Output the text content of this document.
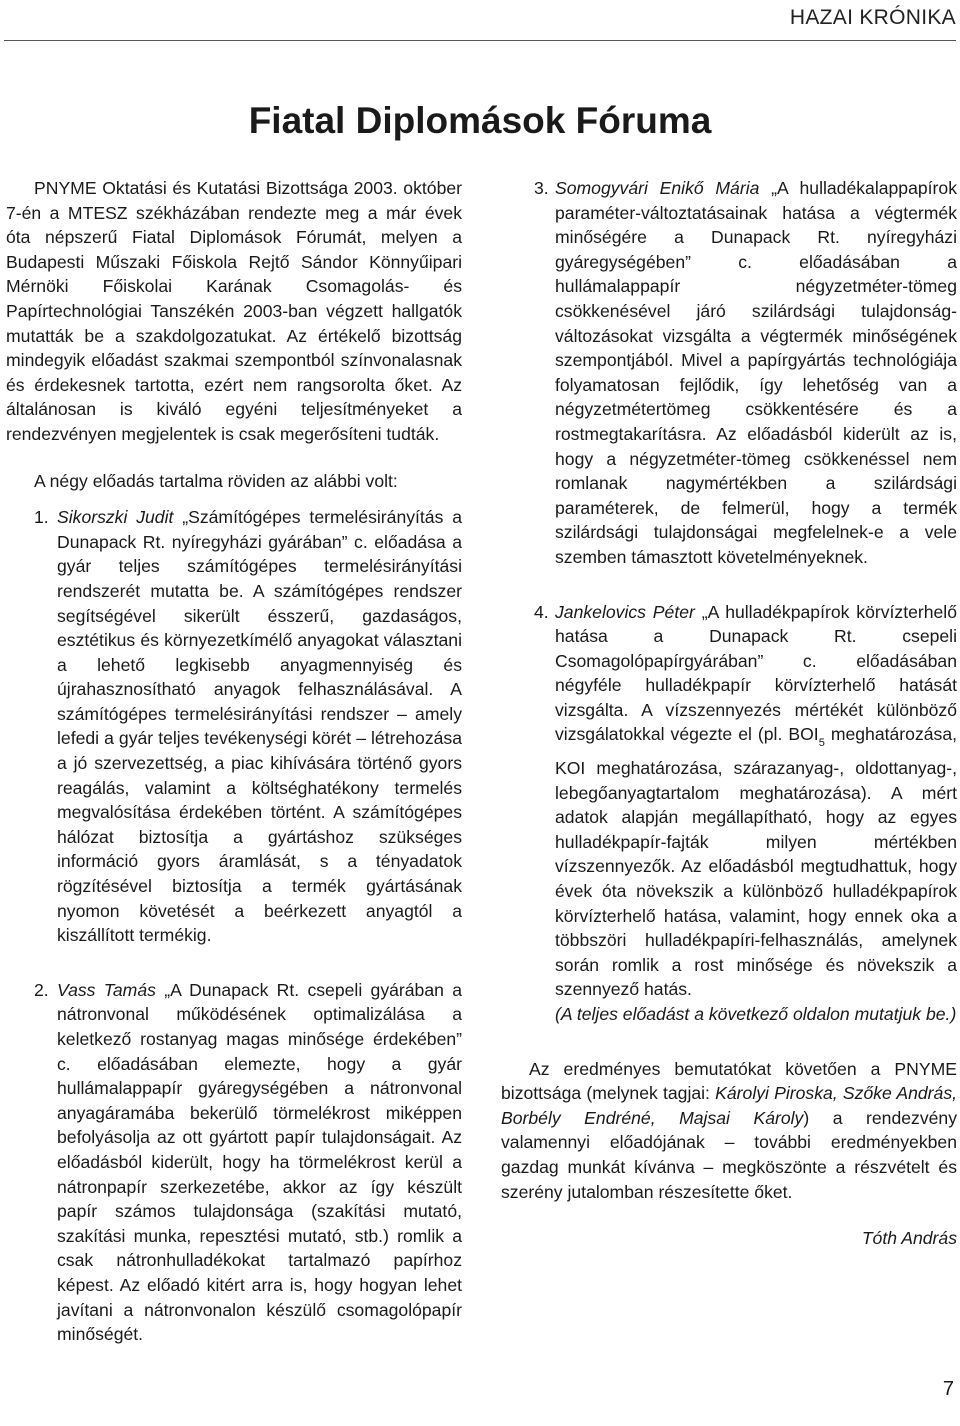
HAZAI KRÓNIKA
Fiatal Diplomások Fóruma

PNYME Oktatási és Kutatási Bizottsága 2003. október 7-én a MTESZ székházában rendezte meg a már évek óta népszerű Fiatal Diplomások Fórumát, melyen a Budapesti Műszaki Főiskola Rejtő Sándor Könnyűipari Mérnöki Főiskolai Karának Csomagolás- és Papírtechnológiai Tanszékén 2003-ban végzett hallgatók mutatták be a szakdolgozatukat. Az értékelő bizottság mindegyik előadást szakmai szempontból színvonalasnak és érdekesnek tartotta, ezért nem rangsorolta őket. Az általánosan is kiváló egyéni teljesítményeket a rendezvényen megjelentek is csak megerősíteni tudták.

A négy előadás tartalma röviden az alábbi volt:

1. Sikorszki Judit „Számítógépes termelésirányítás a Dunapack Rt. nyíregyházi gyárában” c. előadása a gyár teljes számítógépes termelésirányítási rendszerét mutatta be. A számítógépes rendszer segítségével sikerült ésszerű, gazdaságos, esztétikus és környezetkímélő anyagokat választani a lehető legkisebb anyagmennyiség és újrahasznosítható anyagok felhasználásával. A számítógépes termelésirányítási rendszer – amely lefedi a gyár teljes tevékenységi körét – létrehozása a jó szervezettség, a piac kihívására történő gyors reagálás, valamint a költséghatékony termelés megvalósítása érdekében történt. A számítógépes hálózat biztosítja a gyártáshoz szükséges információ gyors áramlását, s a tényadatok rögzítésével biztosítja a termék gyártásának nyomon követését a beérkezett anyagtól a kiszállított termékig.

2. Vass Tamás „A Dunapack Rt. csepeli gyárában a nátronvonal működésének optimalizálása a keletkező rostanyag magas minősége érdekében” c. előadásában elemezte, hogy a gyár hullámalappapír gyáregységében a nátronvonal anyagáramába bekerülő törmelékrost miképpen befolyásolja az ott gyártott papír tulajdonságait. Az előadásból kiderült, hogy ha törmelékrost kerül a nátronpapír szerkezetébe, akkor az így készült papír számos tulajdonsága (szakítási mutató, szakítási munka, repesztési mutató, stb.) romlik a csak nátronhulladékokat tartalmazó papírhoz képest. Az előadó kitért arra is, hogy hogyan lehet javítani a nátronvonalon készülő csomagolópapír minőségét.

3. Somogyvári Enikő Mária „A hulladékalappapírok paraméter-változtatásainak hatása a végtermék minőségére a Dunapack Rt. nyíregyházi gyáregységében” c. előadásában a hullámalappapír négyzetméter-tömeg csökkenésével járó szilárdsági tulajdonság-változásokat vizsgálta a végtermék minőségének szempontjából. Mivel a papírgyártás technológiája folyamatosan fejlődik, így lehetőség van a négyzetmétertömeg csökkentésére és a rostmegtakarításra. Az előadásból kiderült az is, hogy a négyzetméter-tömeg csökkenéssel nem romlanak nagymértékben a szilárdsági paraméterek, de felmerül, hogy a termék szilárdsági tulajdonságai megfelelnek-e a vele szemben támasztott követelményeknek.

4. Jankelovics Péter „A hulladékpapírok körvízterhelő hatása a Dunapack Rt. csepeli Csomagolópapírgyárában” c. előadásában négyféle hulladékpapír körvízterhelő hatását vizsgálta. A vízszennyezés mértékét különböző vizsgálatokkal végezte el (pl. $BOI_5$ meghatározása, KOI meghatározása, szárazanyag-, oldottanyag-, lebegőanyagtartalom meghatározása). A mért adatok alapján megállapítható, hogy az egyes hulladékpapír-fajták milyen mértékben vízszennyezők. Az előadásból megtudhattuk, hogy évek óta növekszik a különböző hulladékpapírok körvízterhelő hatása, valamint, hogy ennek oka a többszöri hulladékpapíri-felhasználás, amelynek során romlik a rost minősége és növekszik a szennyező hatás.

(A teljes előadást a következő oldalon mutatjuk be.)

Az eredményes bemutatókat követően a PNYME bizottsága (melynek tagjai: Károlyi Piroska, Szőke András, Borbély Endréné, Majsai Károly) a rendezvény valamennyi előadójának – további eredményekben gazdag munkát kívánva – megköszönte a részvételt és szerény jutalomban részesítette őket.

Tóth András

7
